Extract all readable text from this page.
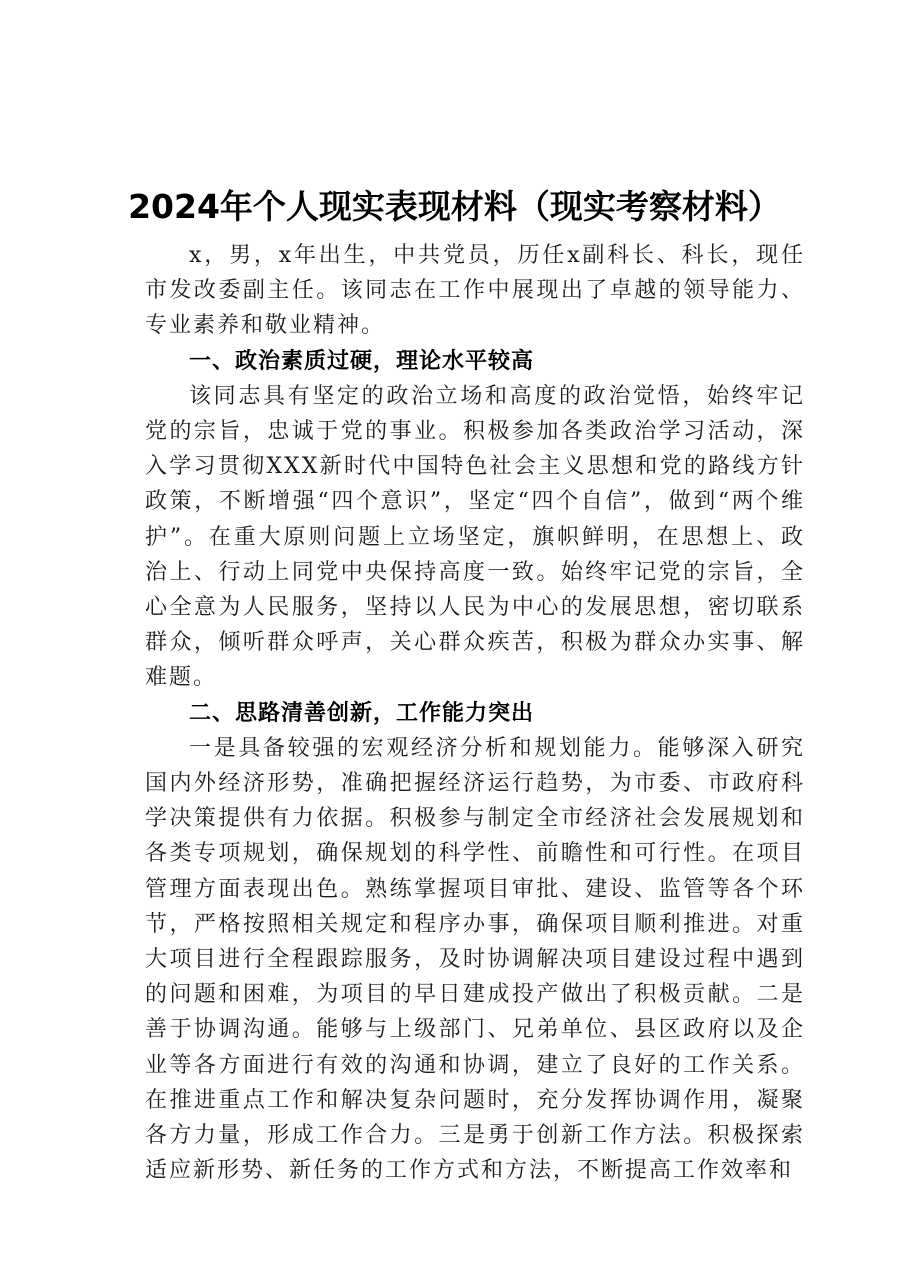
2024年个人现实表现材料（现实考察材料）

x，男，x年出生，中共党员，历任x副科长、科长，现任市发改委副主任。该同志在工作中展现出了卓越的领导能力、专业素养和敬业精神。

一、政治素质过硬，理论水平较高

该同志具有坚定的政治立场和高度的政治觉悟，始终牢记党的宗旨，忠诚于党的事业。积极参加各类政治学习活动，深入学习贯彻XXX新时代中国特色社会主义思想和党的路线方针政策，不断增强“四个意识”，坚定“四个自信”，做到“两个维护”。在重大原则问题上立场坚定，旗帜鲜明，在思想上、政治上、行动上同党中央保持高度一致。始终牢记党的宗旨，全心全意为人民服务，坚持以人民为中心的发展思想，密切联系群众，倾听群众呼声，关心群众疾苦，积极为群众办实事、解难题。

二、思路清善创新，工作能力突出

一是具备较强的宏观经济分析和规划能力。能够深入研究国内外经济形势，准确把握经济运行趋势，为市委、市政府科学决策提供有力依据。积极参与制定全市经济社会发展规划和各类专项规划，确保规划的科学性、前瞻性和可行性。在项目管理方面表现出色。熟练掌握项目审批、建设、监管等各个环节，严格按照相关规定和程序办事，确保项目顺利推进。对重大项目进行全程跟踪服务，及时协调解决项目建设过程中遇到的问题和困难，为项目的早日建成投产做出了积极贡献。二是善于协调沟通。能够与上级部门、兄弟单位、县区政府以及企业等各方面进行有效的沟通和协调，建立了良好的工作关系。在推进重点工作和解决复杂问题时，充分发挥协调作用，凝聚各方力量，形成工作合力。三是勇于创新工作方法。积极探索适应新形势、新任务的工作方式和方法，不断提高工作效率和
